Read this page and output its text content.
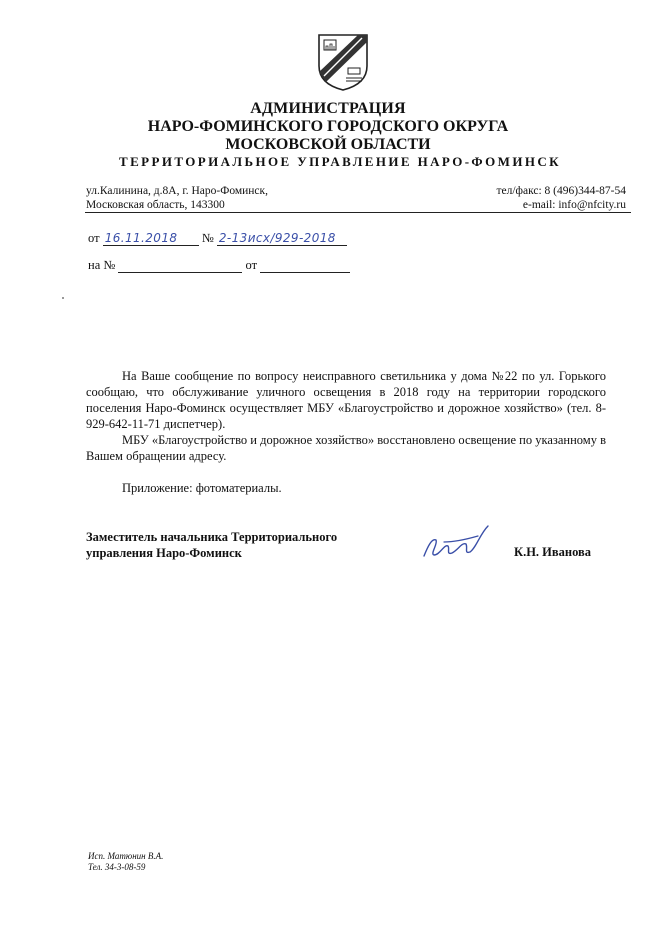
АДМИНИСТРАЦИЯ
НАРО-ФОМИНСКОГО ГОРОДСКОГО ОКРУГА
МОСКОВСКОЙ ОБЛАСТИ
ТЕРРИТОРИАЛЬНОЕ УПРАВЛЕНИЕ НАРО-ФОМИНСК
ул.Калинина, д.8А, г. Наро-Фоминск,
Московская область, 143300
тел/факс: 8 (496)344-87-54
e-mail: info@nfcity.ru
от 16.11.2018 № 2-13исх/929-2018
на №	от

На Ваше сообщение по вопросу неисправного светильника у дома №22 по ул. Горького сообщаю, что обслуживание уличного освещения в 2018 году на территории городского поселения Наро-Фоминск осуществляет МБУ «Благоустройство и дорожное хозяйство» (тел. 8-929-642-11-71 диспетчер).

МБУ «Благоустройство и дорожное хозяйство» восстановлено освещение по указанному в Вашем обращении адресу.

Приложение: фотоматериалы.
Заместитель начальника Территориального
управления Наро-Фоминск	К.Н. Иванова
Исп. Матюнин В.А.
Тел. 34-3-08-59
